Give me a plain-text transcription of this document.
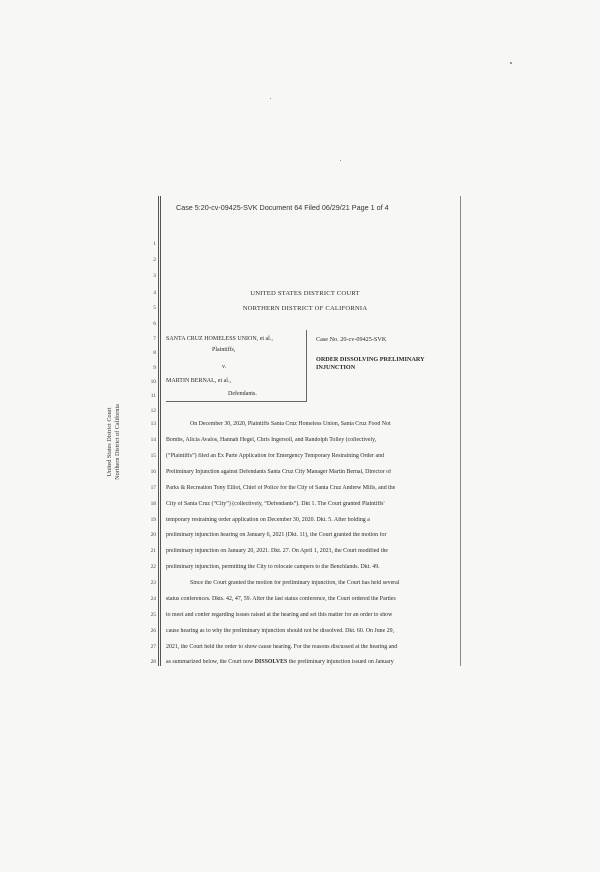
Case 5:20-cv-09425-SVK Document 64 Filed 06/29/21 Page 1 of 4
1
2
3
4
5
6
7
8
9
10
11
12
13
14
15
16
17
18
19
20
21
22
23
24
25
26
27
28
UNITED STATES DISTRICT COURT
NORTHERN DISTRICT OF CALIFORNIA
SANTA CRUZ HOMELESS UNION, et al.,
Plaintiffs,
v.
MARTIN BERNAL, et al.,
Defendants.
Case No. 20-cv-09425-SVK
ORDER DISSOLVING PRELIMINARY
INJUNCTION
On December 30, 2020, Plaintiffs Santa Cruz Homeless Union, Santa Cruz Food Not
Bombs, Alicia Avalos, Hannah Hegel, Chris Ingersoll, and Randolph Tolley (collectively,
(“Plaintiffs”) filed an Ex Parte Application for Emergency Temporary Restraining Order and
Preliminary Injunction against Defendants Santa Cruz City Manager Martin Bernal, Director of
Parks & Recreation Tony Elliot, Chief of Police for the City of Santa Cruz Andrew Mills, and the
City of Santa Cruz (“City”) (collectively, “Defendants”). Dkt 1. The Court granted Plaintiffs'
temporary restraining order application on December 30, 2020. Dkt. 5. After holding a
preliminary injunction hearing on January 6, 2021 (Dkt. 11), the Court granted the motion for
preliminary injunction on January 20, 2021. Dkt. 27. On April 1, 2021, the Court modified the
preliminary injunction, permitting the City to relocate campers to the Benchlands. Dkt. 49.
Since the Court granted the motion for preliminary injunction, the Court has held several
status conferences. Dkts. 42, 47, 59. After the last status conference, the Court ordered the Parties
to meet and confer regarding issues raised at the hearing and set this matter for an order to show
cause hearing as to why the preliminary injunction should not be dissolved. Dkt. 60. On June 29,
2021, the Court held the order to show cause hearing. For the reasons discussed at the hearing and
as summarized below, the Court now DISSOLVES the preliminary injunction issued on January
United States District Court Northern District of California
